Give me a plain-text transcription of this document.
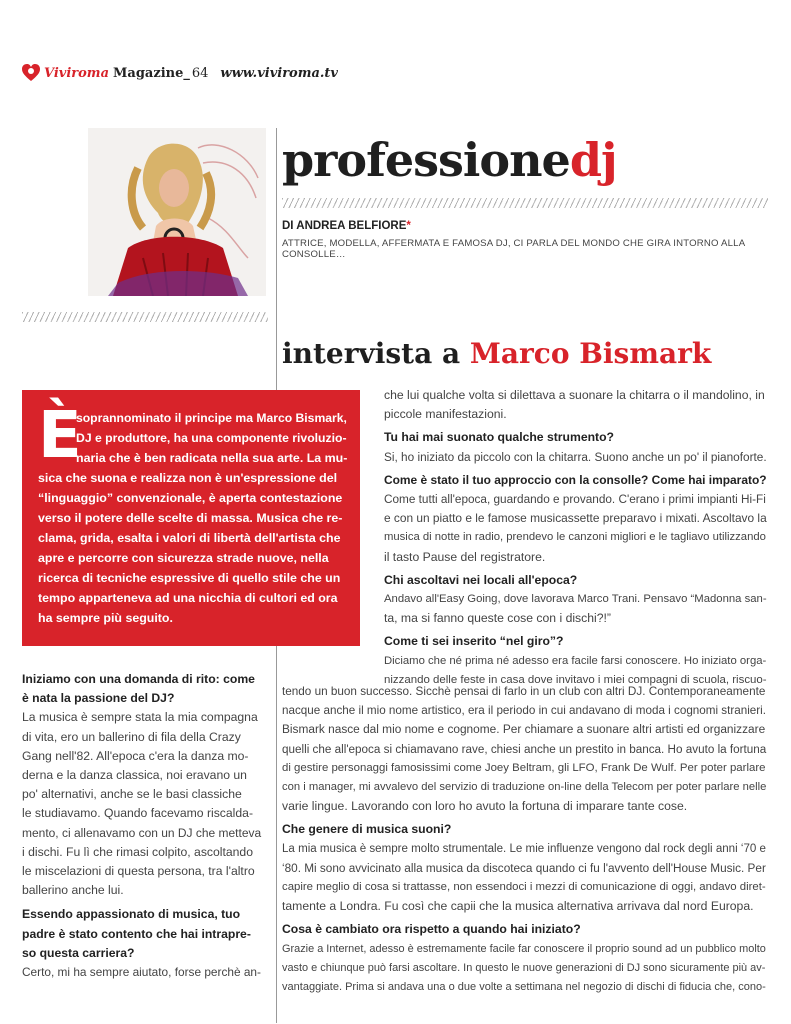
Viviroma Magazine_ 64 www.viviroma.tv
professionedj
DI ANDREA BELFIORE*
ATTRICE, MODELLA, AFFERMATA E FAMOSA DJ, CI PARLA DEL MONDO CHE GIRA INTORNO ALLA CONSOLLE…
intervista a Marco Bismark
È
soprannominato il principe ma Marco Bismark,
DJ e produttore, ha una componente rivoluzio-
naria che è ben radicata nella sua arte. La mu-
sica che suona e realizza non è un'espressione del
“linguaggio” convenzionale, è aperta contestazione
verso il potere delle scelte di massa. Musica che re-
clama, grida, esalta i valori di libertà dell'artista che
apre e percorre con sicurezza strade nuove, nella
ricerca di tecniche espressive di quello stile che un
tempo apparteneva ad una nicchia di cultori ed ora
ha sempre più seguito.

Iniziamo con una domanda di rito: come

è nata la passione del DJ?

La musica è sempre stata la mia compagna

di vita, ero un ballerino di fila della Crazy

Gang nell'82. All'epoca c'era la danza mo-

derna e la danza classica, noi eravano un

po' alternativi, anche se le basi classiche

le studiavamo. Quando facevamo riscalda-

mento, ci allenavamo con un DJ che metteva

i dischi. Fu lì che rimasi colpito, ascoltando

le miscelazioni di questa persona, tra l'altro

ballerino anche lui.

Essendo appassionato di musica, tuo

padre è stato contento che hai intrapre-

so questa carriera?

Certo, mi ha sempre aiutato, forse perchè an-

che lui qualche volta si dilettava a suonare la chitarra o il mandolino, in

piccole manifestazioni.

Tu hai mai suonato qualche strumento?

Si, ho iniziato da piccolo con la chitarra. Suono anche un po' il pianoforte.

Come è stato il tuo approccio con la consolle? Come hai imparato?

Come tutti all'epoca, guardando e provando. C'erano i primi impianti Hi-Fi

e con un piatto e le famose musicassette preparavo i mixati. Ascoltavo la

musica di notte in radio, prendevo le canzoni migliori e le tagliavo utilizzando

il tasto Pause del registratore.

Chi ascoltavi nei locali all'epoca?

Andavo all'Easy Going, dove lavorava Marco Trani. Pensavo “Madonna san-

ta, ma si fanno queste cose con i dischi?!”

Come ti sei inserito “nel giro”?

Diciamo che né prima né adesso era facile farsi conoscere. Ho iniziato orga-

nizzando delle feste in casa dove invitavo i miei compagni di scuola, riscuo-

tendo un buon successo. Sicchè pensai di farlo in un club con altri DJ. Contemporaneamente

nacque anche il mio nome artistico, era il periodo in cui andavano di moda i cognomi stranieri.

Bismark nasce dal mio nome e cognome. Per chiamare a suonare altri artisti ed organizzare

quelli che all'epoca si chiamavano rave, chiesi anche un prestito in banca. Ho avuto la fortuna

di gestire personaggi famosissimi come Joey Beltram, gli LFO, Frank De Wulf. Per poter parlare

con i manager, mi avvalevo del servizio di traduzione on-line della Telecom per poter parlare nelle

varie lingue. Lavorando con loro ho avuto la fortuna di imparare tante cose.

Che genere di musica suoni?

La mia musica è sempre molto strumentale. Le mie influenze vengono dal rock degli anni ‘70 e

‘80. Mi sono avvicinato alla musica da discoteca quando ci fu l'avvento dell'House Music. Per

capire meglio di cosa si trattasse, non essendoci i mezzi di comunicazione di oggi, andavo diret-

tamente a Londra. Fu così che capii che la musica alternativa arrivava dal nord Europa.

Cosa è cambiato ora rispetto a quando hai iniziato?

Grazie a Internet, adesso è estremamente facile far conoscere il proprio sound ad un pubblico molto

vasto e chiunque può farsi ascoltare. In questo le nuove generazioni di DJ sono sicuramente più av-

vantaggiate. Prima si andava una o due volte a settimana nel negozio di dischi di fiducia che, cono-
